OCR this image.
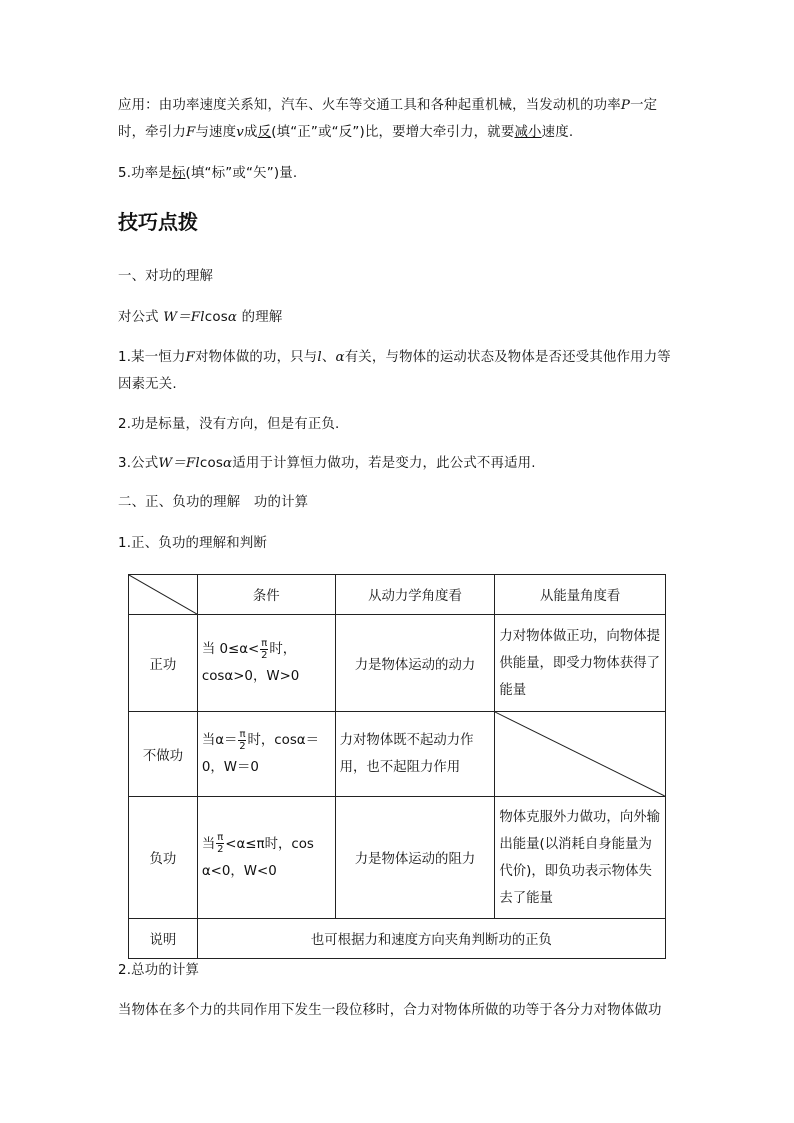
应用：由功率速度关系知，汽车、火车等交通工具和各种起重机械，当发动机的功率P一定时，牵引力F与速度v成反(填“正”或“反”)比，要增大牵引力，就要减小速度.
5.功率是标(填“标”或“矢”)量.
技巧点拨
一、对功的理解
对公式 W＝Flcosα 的理解
1.某一恒力F对物体做的功，只与l、α有关，与物体的运动状态及物体是否还受其他作用力等因素无关.
2.功是标量，没有方向，但是有正负.
3.公式W＝Flcosα适用于计算恒力做功，若是变力，此公式不再适用.
二、正、负功的理解　功的计算
1.正、负功的理解和判断
	条件	从动力学角度看	从能量角度看
正功	当 $0\le\alpha< \frac{\pi}{2}$ 时，cosα>0，W>0	力是物体运动的动力	力对物体做正功，向物体提供能量，即受力物体获得了能量

不做功	当$\alpha= \frac{\pi}{2}$ 时，cosα＝0，W＝0	力对物体既不起动力作用，也不起阻力作用

负功	当 $\frac{\pi}{2} <\alpha\le\pi$时，cos α<0，W<0	力是物体运动的阻力	物体克服外力做功，向外输出能量(以消耗自身能量为代价)，即负功表示物体失去了能量

说明	也可根据力和速度方向夹角判断功的正负		
2.总功的计算
当物体在多个力的共同作用下发生一段位移时，合力对物体所做的功等于各分力对物体做功
